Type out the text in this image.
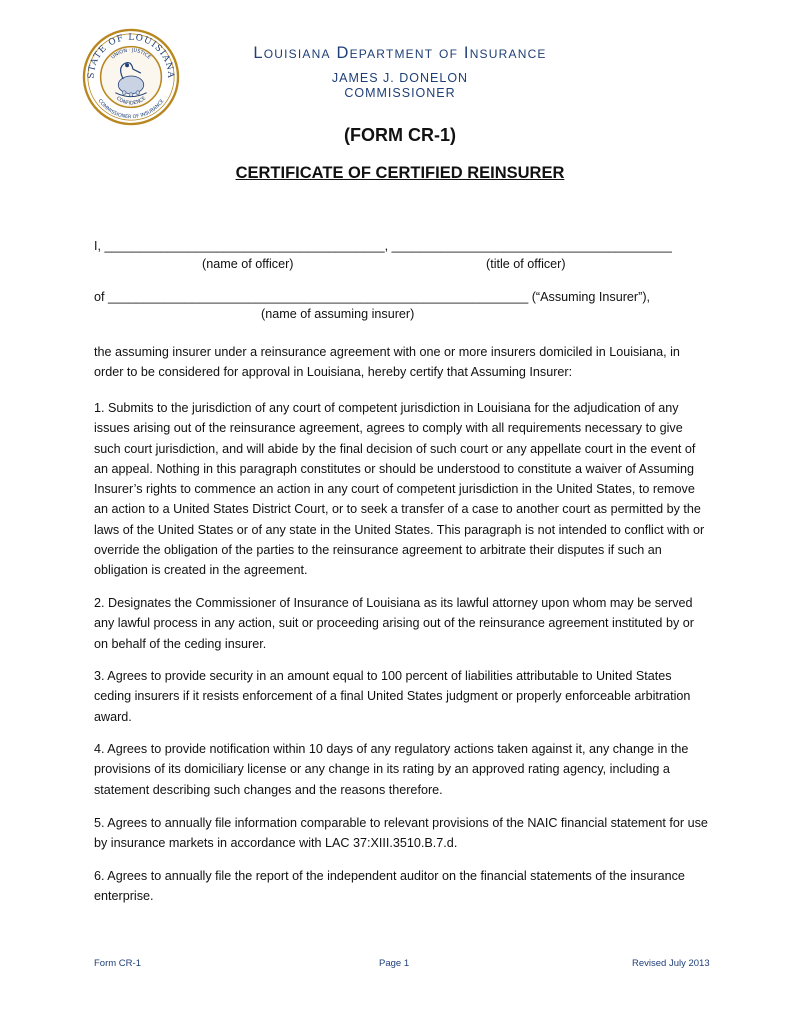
STATE OF LOUISIANA
UNION · JUSTICE
COMMISSIONER OF INSURANCE
CONFIDENCE
Louisiana Department of Insurance
JAMES J. DONELON
COMMISSIONER
(FORM CR-1)
CERTIFICATE OF CERTIFIED REINSURER
I, ________________________________________, ________________________________________
(name of officer)	(title of officer)
of ____________________________________________________________ (“Assuming Insurer”),
(name of assuming insurer)
the assuming insurer under a reinsurance agreement with one or more insurers domiciled in Louisiana, in order to be considered for approval in Louisiana, hereby certify that Assuming Insurer:
1. Submits to the jurisdiction of any court of competent jurisdiction in Louisiana for the adjudication of any issues arising out of the reinsurance agreement, agrees to comply with all requirements necessary to give such court jurisdiction, and will abide by the final decision of such court or any appellate court in the event of an appeal. Nothing in this paragraph constitutes or should be understood to constitute a waiver of Assuming Insurer’s rights to commence an action in any court of competent jurisdiction in the United States, to remove an action to a United States District Court, or to seek a transfer of a case to another court as permitted by the laws of the United States or of any state in the United States. This paragraph is not intended to conflict with or override the obligation of the parties to the reinsurance agreement to arbitrate their disputes if such an obligation is created in the agreement.
2. Designates the Commissioner of Insurance of Louisiana as its lawful attorney upon whom may be served any lawful process in any action, suit or proceeding arising out of the reinsurance agreement instituted by or on behalf of the ceding insurer.
3. Agrees to provide security in an amount equal to 100 percent of liabilities attributable to United States ceding insurers if it resists enforcement of a final United States judgment or properly enforceable arbitration award.
4. Agrees to provide notification within 10 days of any regulatory actions taken against it, any change in the provisions of its domiciliary license or any change in its rating by an approved rating agency, including a statement describing such changes and the reasons therefore.
5. Agrees to annually file information comparable to relevant provisions of the NAIC financial statement for use by insurance markets in accordance with LAC 37:XIII.3510.B.7.d.
6. Agrees to annually file the report of the independent auditor on the financial statements of the insurance enterprise.
Form CR-1	Page 1	Revised July 2013
